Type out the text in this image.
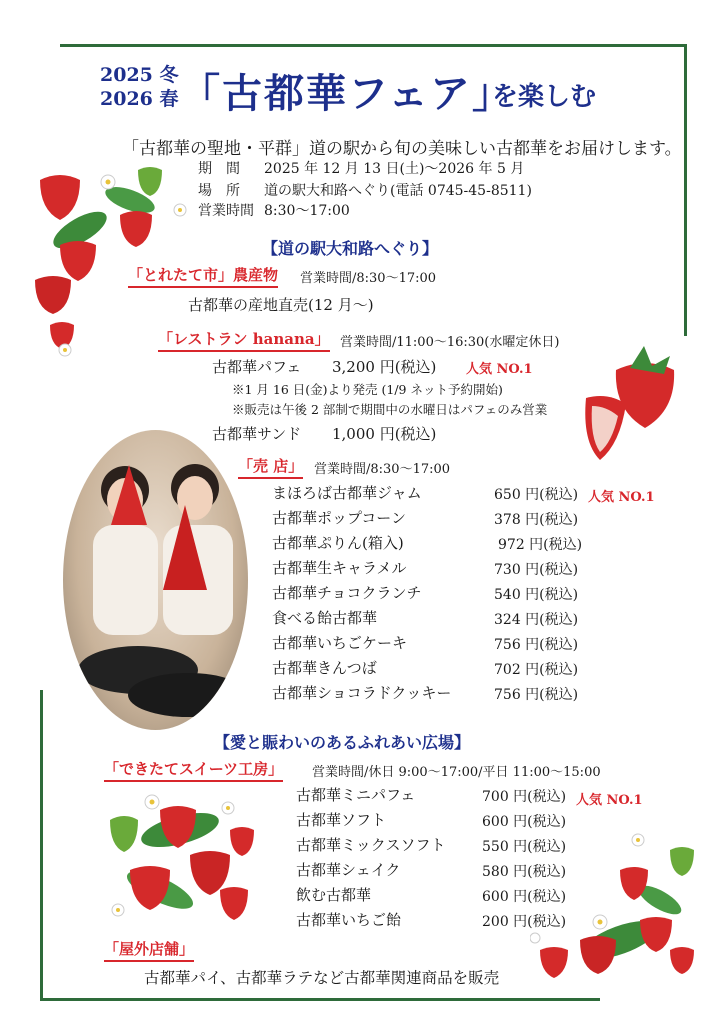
2025 冬
2026 春 「古都華フェア」
を楽しむ
「古都華の聖地・平群」道の駅から旬の美味しい古都華をお届けします。
期　間 2025 年 12 月 13 日(土)～2026 年 5 月
場　所 道の駅大和路へぐり(電話 0745-45-8511)
営業時間 8:30～17:00
【道の駅大和路へぐり】
「とれたて市」農産物 営業時間/8:30～17:00
古都華の産地直売(12 月～)
「レストラン hanana」 営業時間/11:00～16:30(水曜定休日)
古都華パフェ 3,200 円(税込) 人気 NO.1
※1 月 16 日(金)より発売 (1/9 ネット予約開始)
※販売は午後 2 部制で期間中の水曜日はパフェのみ営業
古都華サンド 1,000 円(税込)
「売 店」 営業時間/8:30～17:00
人気 NO.1
まほろば古都華ジャム	650 円(税込)
古都華ポップコーン	378 円(税込)
古都華ぷりん(箱入)	972 円(税込)
古都華生キャラメル	730 円(税込)
古都華チョコクランチ	540 円(税込)
食べる飴古都華	324 円(税込)
古都華いちごケーキ	756 円(税込)
古都華きんつば	702 円(税込)
古都華ショコラドクッキー	756 円(税込)
【愛と賑わいのあるふれあい広場】
「できたてスイーツ工房」 営業時間/休日 9:00～17:00/平日 11:00～15:00
人気 NO.1
古都華ミニパフェ	700 円(税込)
古都華ソフト	600 円(税込)
古都華ミックスソフト	550 円(税込)
古都華シェイク	580 円(税込)
飲む古都華	600 円(税込)
古都華いちご飴	200 円(税込)
「屋外店舗」
古都華パイ、古都華ラテなど古都華関連商品を販売
